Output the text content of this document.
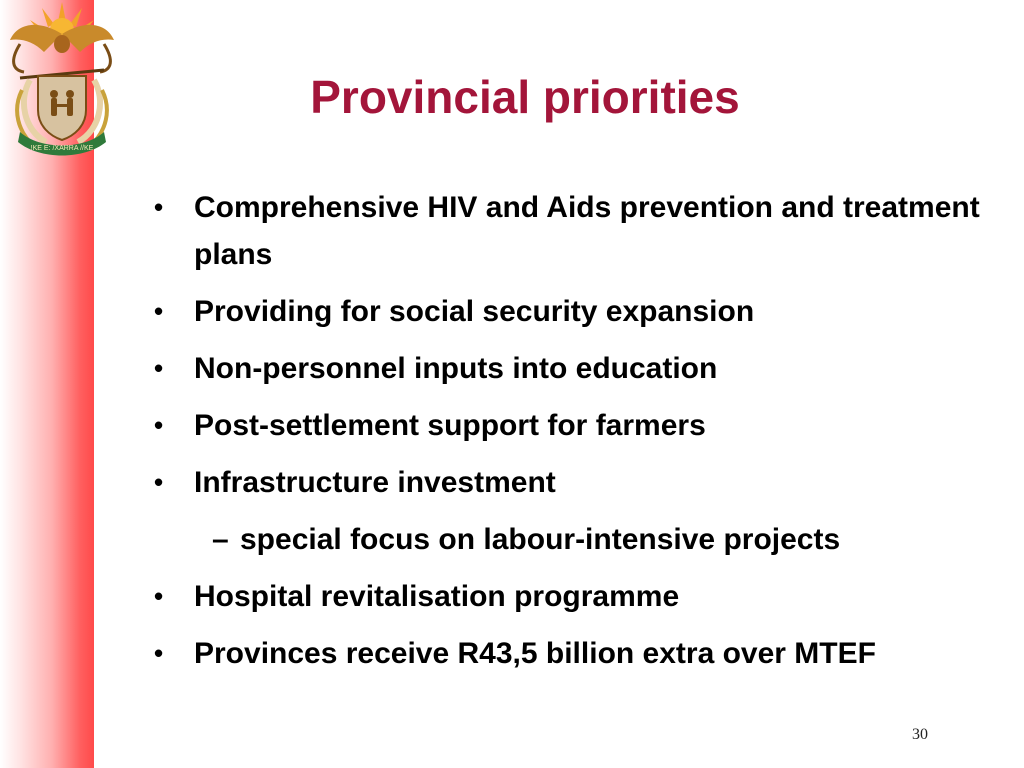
!KE E: /XARRA //KE
Provincial priorities
• Comprehensive HIV and Aids prevention and treatment plans
• Providing for social security expansion
• Non-personnel inputs into education
• Post-settlement support for farmers
• Infrastructure investment
– special focus on labour-intensive projects
• Hospital revitalisation programme
• Provinces receive R43,5 billion extra over MTEF
30
